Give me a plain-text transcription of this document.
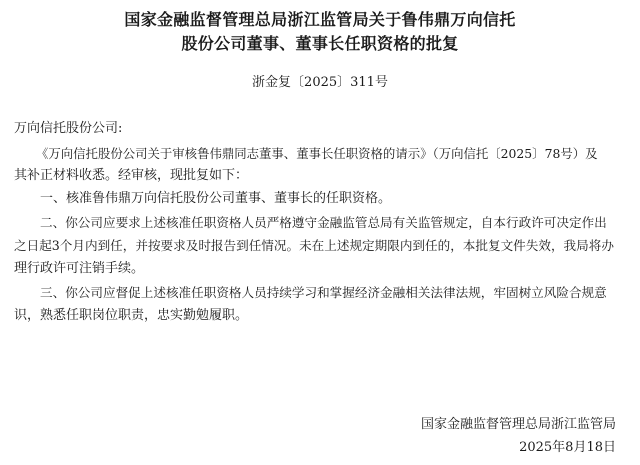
国家金融监督管理总局浙江监管局关于鲁伟鼎万向信托
股份公司董事、董事长任职资格的批复
浙金复〔2025〕311号
万向信托股份公司:
《万向信托股份公司关于审核鲁伟鼎同志董事、董事长任职资格的请示》（万向信托〔2025〕78号）及
其补正材料收悉。经审核，现批复如下：
一、核准鲁伟鼎万向信托股份公司董事、董事长的任职资格。
二、你公司应要求上述核准任职资格人员严格遵守金融监管总局有关监管规定，自本行政许可决定作出
之日起3个月内到任，并按要求及时报告到任情况。未在上述规定期限内到任的，本批复文件失效，我局将办
理行政许可注销手续。
三、你公司应督促上述核准任职资格人员持续学习和掌握经济金融相关法律法规，牢固树立风险合规意
识，熟悉任职岗位职责，忠实勤勉履职。
国家金融监督管理总局浙江监管局
2025年8月18日
